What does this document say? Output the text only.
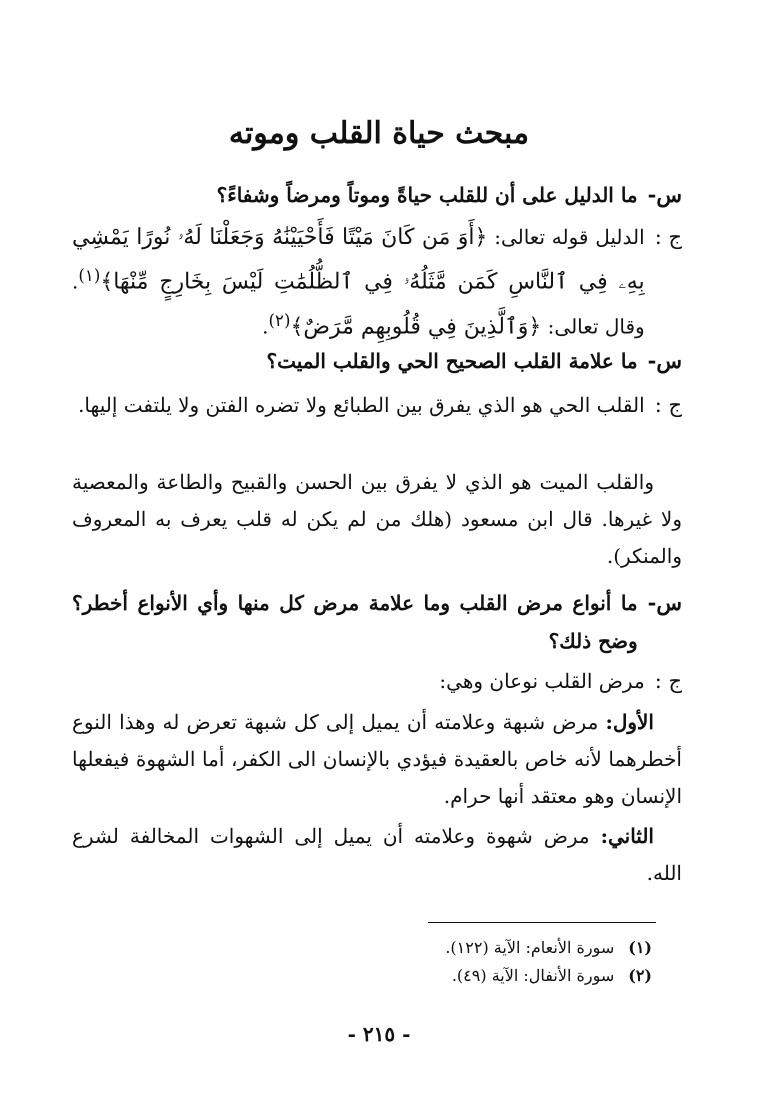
مبحث حياة القلب وموته
س-
ما الدليل على أن للقلب حياةً وموتاً ومرضاً وشفاءً؟
ج :
الدليل قوله تعالى: ﴿أَوَ مَن كَانَ مَيْتًا فَأَحْيَيْنَٰهُ وَجَعَلْنَا لَهُۥ نُورًا يَمْشِي بِهِۦ فِي ٱلنَّاسِ كَمَن مَّثَلُهُۥ فِي ٱلظُّلُمَٰتِ لَيْسَ بِخَارِجٍ مِّنْهَا﴾$^{(١)}$. وقال تعالى: ﴿وَٱلَّذِينَ فِي قُلُوبِهِم مَّرَضٌ﴾$^{(٢)}$.
س-
ما علامة القلب الصحيح الحي والقلب الميت؟
ج :
القلب الحي هو الذي يفرق بين الطبائع ولا تضره الفتن ولا يلتفت إليها.
والقلب الميت هو الذي لا يفرق بين الحسن والقبيح والطاعة والمعصية ولا غيرها. قال ابن مسعود (هلك من لم يكن له قلب يعرف به المعروف والمنكر).
س-
ما أنواع مرض القلب وما علامة مرض كل منها وأي الأنواع أخطر؟ وضح ذلك؟
ج :
مرض القلب نوعان وهي:
الأول: مرض شبهة وعلامته أن يميل إلى كل شبهة تعرض له وهذا النوع أخطرهما لأنه خاص بالعقيدة فيؤدي بالإنسان الى الكفر، أما الشهوة فيفعلها الإنسان وهو معتقد أنها حرام.
الثاني: مرض شهوة وعلامته أن يميل إلى الشهوات المخالفة لشرع الله.
(١)سورة الأنعام: الآية (١٢٢).
(٢)سورة الأنفال: الآية (٤٩).
- ٢١٥ -
